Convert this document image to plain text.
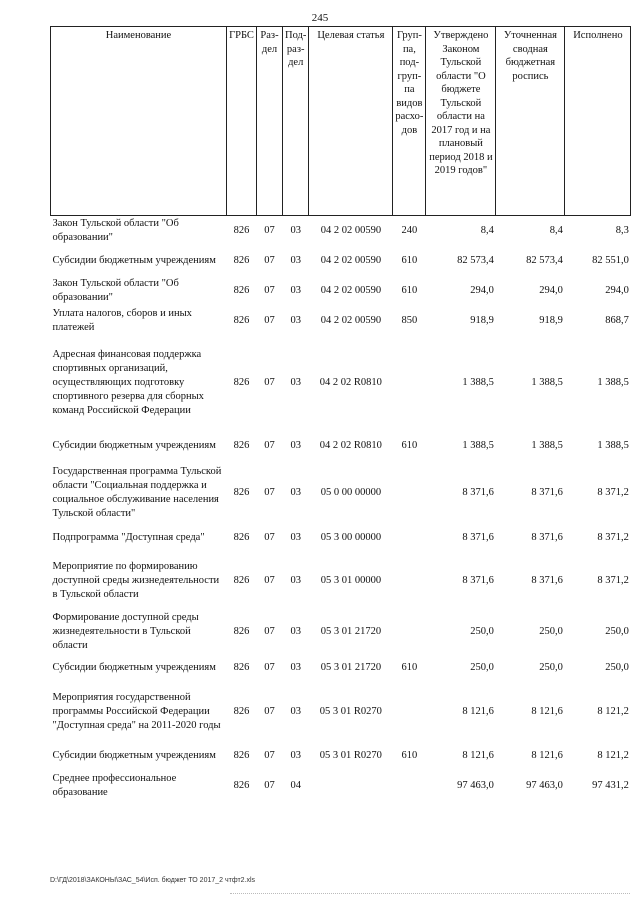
245
Наименование	ГРБС	Раз-дел	Под-раз-дел	Целевая статья	Груп-па, под-груп-па видов расхо-дов	Утверждено Законом Тульской области "О бюджете Тульской области на 2017 год и на плановый период 2018 и 2019 годов"	Уточненная сводная бюджетная роспись	Исполнено
Закон Тульской области "Об образовании"	826	07	03	04 2 02 00590	240	8,4	8,4	8,3
Субсидии бюджетным учреждениям	826	07	03	04 2 02 00590	610	82 573,4	82 573,4	82 551,0
Закон Тульской области "Об образовании"	826	07	03	04 2 02 00590	610	294,0	294,0	294,0
Уплата налогов, сборов и иных платежей	826	07	03	04 2 02 00590	850	918,9	918,9	868,7
Адресная финансовая поддержка спортивных организаций, осуществляющих подготовку спортивного резерва для сборных команд Российской Федерации	826	07	03	04 2 02 R0810		1 388,5	1 388,5	1 388,5
Субсидии бюджетным учреждениям	826	07	03	04 2 02 R0810	610	1 388,5	1 388,5	1 388,5
Государственная программа Тульской области "Социальная поддержка и социальное обслуживание населения Тульской области"	826	07	03	05 0 00 00000		8 371,6	8 371,6	8 371,2
Подпрограмма "Доступная среда"	826	07	03	05 3 00 00000		8 371,6	8 371,6	8 371,2
Мероприятие по формированию доступной среды жизнедеятельности в Тульской области	826	07	03	05 3 01 00000		8 371,6	8 371,6	8 371,2
Формирование доступной среды жизнедеятельности в Тульской области	826	07	03	05 3 01 21720		250,0	250,0	250,0
Субсидии бюджетным учреждениям	826	07	03	05 3 01 21720	610	250,0	250,0	250,0
Мероприятия государственной программы Российской Федерации "Доступная среда" на 2011-2020 годы	826	07	03	05 3 01 R0270		8 121,6	8 121,6	8 121,2
Субсидии бюджетным учреждениям	826	07	03	05 3 01 R0270	610	8 121,6	8 121,6	8 121,2
Среднее профессиональное образование	826	07	04			97 463,0	97 463,0	97 431,2
D:\ГД\2018\ЗАКОНЫ\ЗАС_54\Исп. бюджет ТО 2017_2 чтфт2.xls
